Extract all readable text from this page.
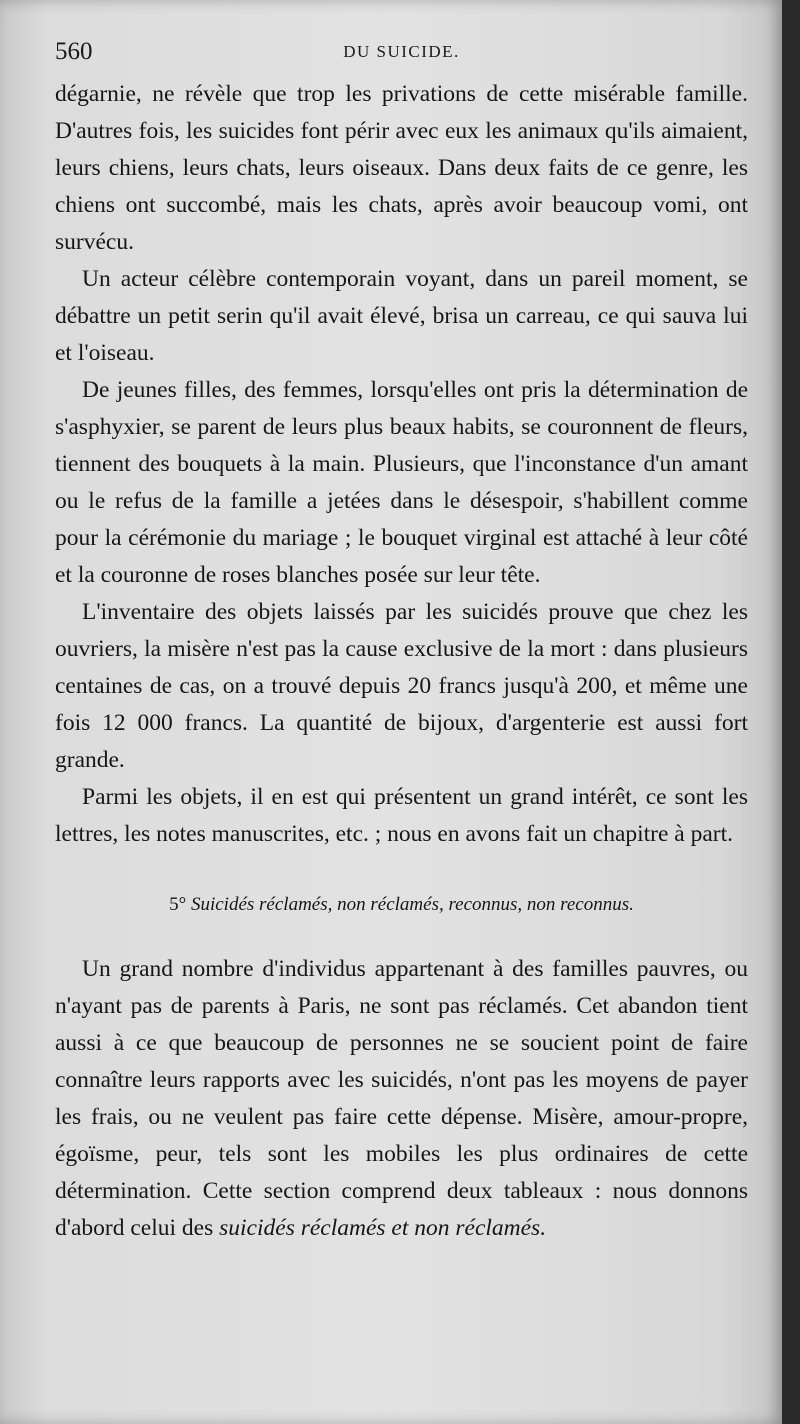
560	DU SUICIDE.

dégarnie, ne révèle que trop les privations de cette misérable famille. D'autres fois, les suicides font périr avec eux les animaux qu'ils aimaient, leurs chiens, leurs chats, leurs oiseaux. Dans deux faits de ce genre, les chiens ont succombé, mais les chats, après avoir beaucoup vomi, ont survécu.

Un acteur célèbre contemporain voyant, dans un pareil moment, se débattre un petit serin qu'il avait élevé, brisa un carreau, ce qui sauva lui et l'oiseau.

De jeunes filles, des femmes, lorsqu'elles ont pris la détermination de s'asphyxier, se parent de leurs plus beaux habits, se couronnent de fleurs, tiennent des bouquets à la main. Plusieurs, que l'inconstance d'un amant ou le refus de la famille a jetées dans le désespoir, s'habillent comme pour la cérémonie du mariage ; le bouquet virginal est attaché à leur côté et la couronne de roses blanches posée sur leur tête.

L'inventaire des objets laissés par les suicidés prouve que chez les ouvriers, la misère n'est pas la cause exclusive de la mort : dans plusieurs centaines de cas, on a trouvé depuis 20 francs jusqu'à 200, et même une fois 12 000 francs. La quantité de bijoux, d'argenterie est aussi fort grande.

Parmi les objets, il en est qui présentent un grand intérêt, ce sont les lettres, les notes manuscrites, etc. ; nous en avons fait un chapitre à part.

5° Suicidés réclamés, non réclamés, reconnus, non reconnus.

Un grand nombre d'individus appartenant à des familles pauvres, ou n'ayant pas de parents à Paris, ne sont pas réclamés. Cet abandon tient aussi à ce que beaucoup de personnes ne se soucient point de faire connaître leurs rapports avec les suicidés, n'ont pas les moyens de payer les frais, ou ne veulent pas faire cette dépense. Misère, amour-propre, égoïsme, peur, tels sont les mobiles les plus ordinaires de cette détermination. Cette section comprend deux tableaux : nous donnons d'abord celui des suicidés réclamés et non réclamés.
